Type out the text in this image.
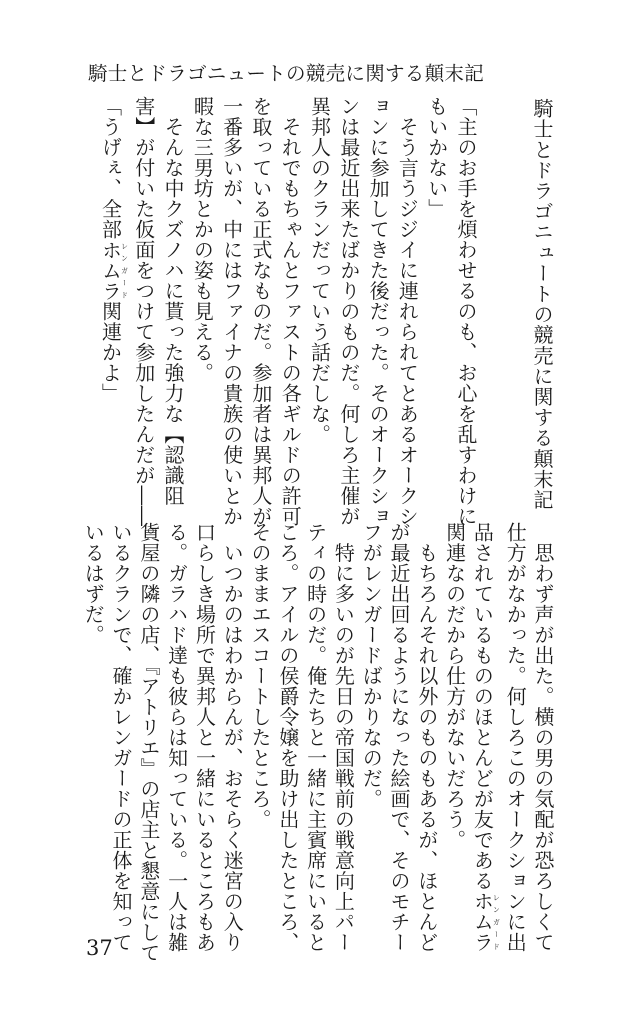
騎士とドラゴニュートの競売に関する顛末記
騎士とドラゴニュートの競売に関する顛末記
「主のお手を煩わせるのも、お心を乱すわけに
もいかない」
　そう言うジジイに連れられてとあるオークシ
ョンに参加してきた後だった。そのオークショ
ンは最近出来たばかりのものだ。何しろ主催が
異邦人のクランだっていう話だしな。
　それでもちゃんとファストの各ギルドの許可
を取っている正式なものだ。参加者は異邦人が
一番多いが、中にはファイナの貴族の使いとか
暇な三男坊とかの姿も見える。
　そんな中クズノハに貰った強力な【認識阻
害】が付いた仮面をつけて参加したんだが――。
「うげぇ、全部ホムラレンガード関連かよ」
　思わず声が出た。横の男の気配が恐ろしくて
仕方がなかった。何しろこのオークションに出
品されているもののほとんどが友であるホムラレンガード
関連なのだから仕方がないだろう。
　もちろんそれ以外のものもあるが、ほとんど
が最近出回るようになった絵画で、そのモチー
フがレンガードばかりなのだ。
　特に多いのが先日の帝国戦前の戦意向上パー
ティの時のだ。俺たちと一緒に主賓席にいると
ころ。アイルの侯爵令嬢を助け出したところ、
そのままエスコートしたところ。
　いつかのはわからんが、おそらく迷宮の入り
口らしき場所で異邦人と一緒にいるところもあ
る。ガラハド達も彼らは知っている。一人は雑
貨屋の隣の店、『アトリエ』の店主と懇意にして
いるクランで、確かレンガードの正体を知って
いるはずだ。
37
